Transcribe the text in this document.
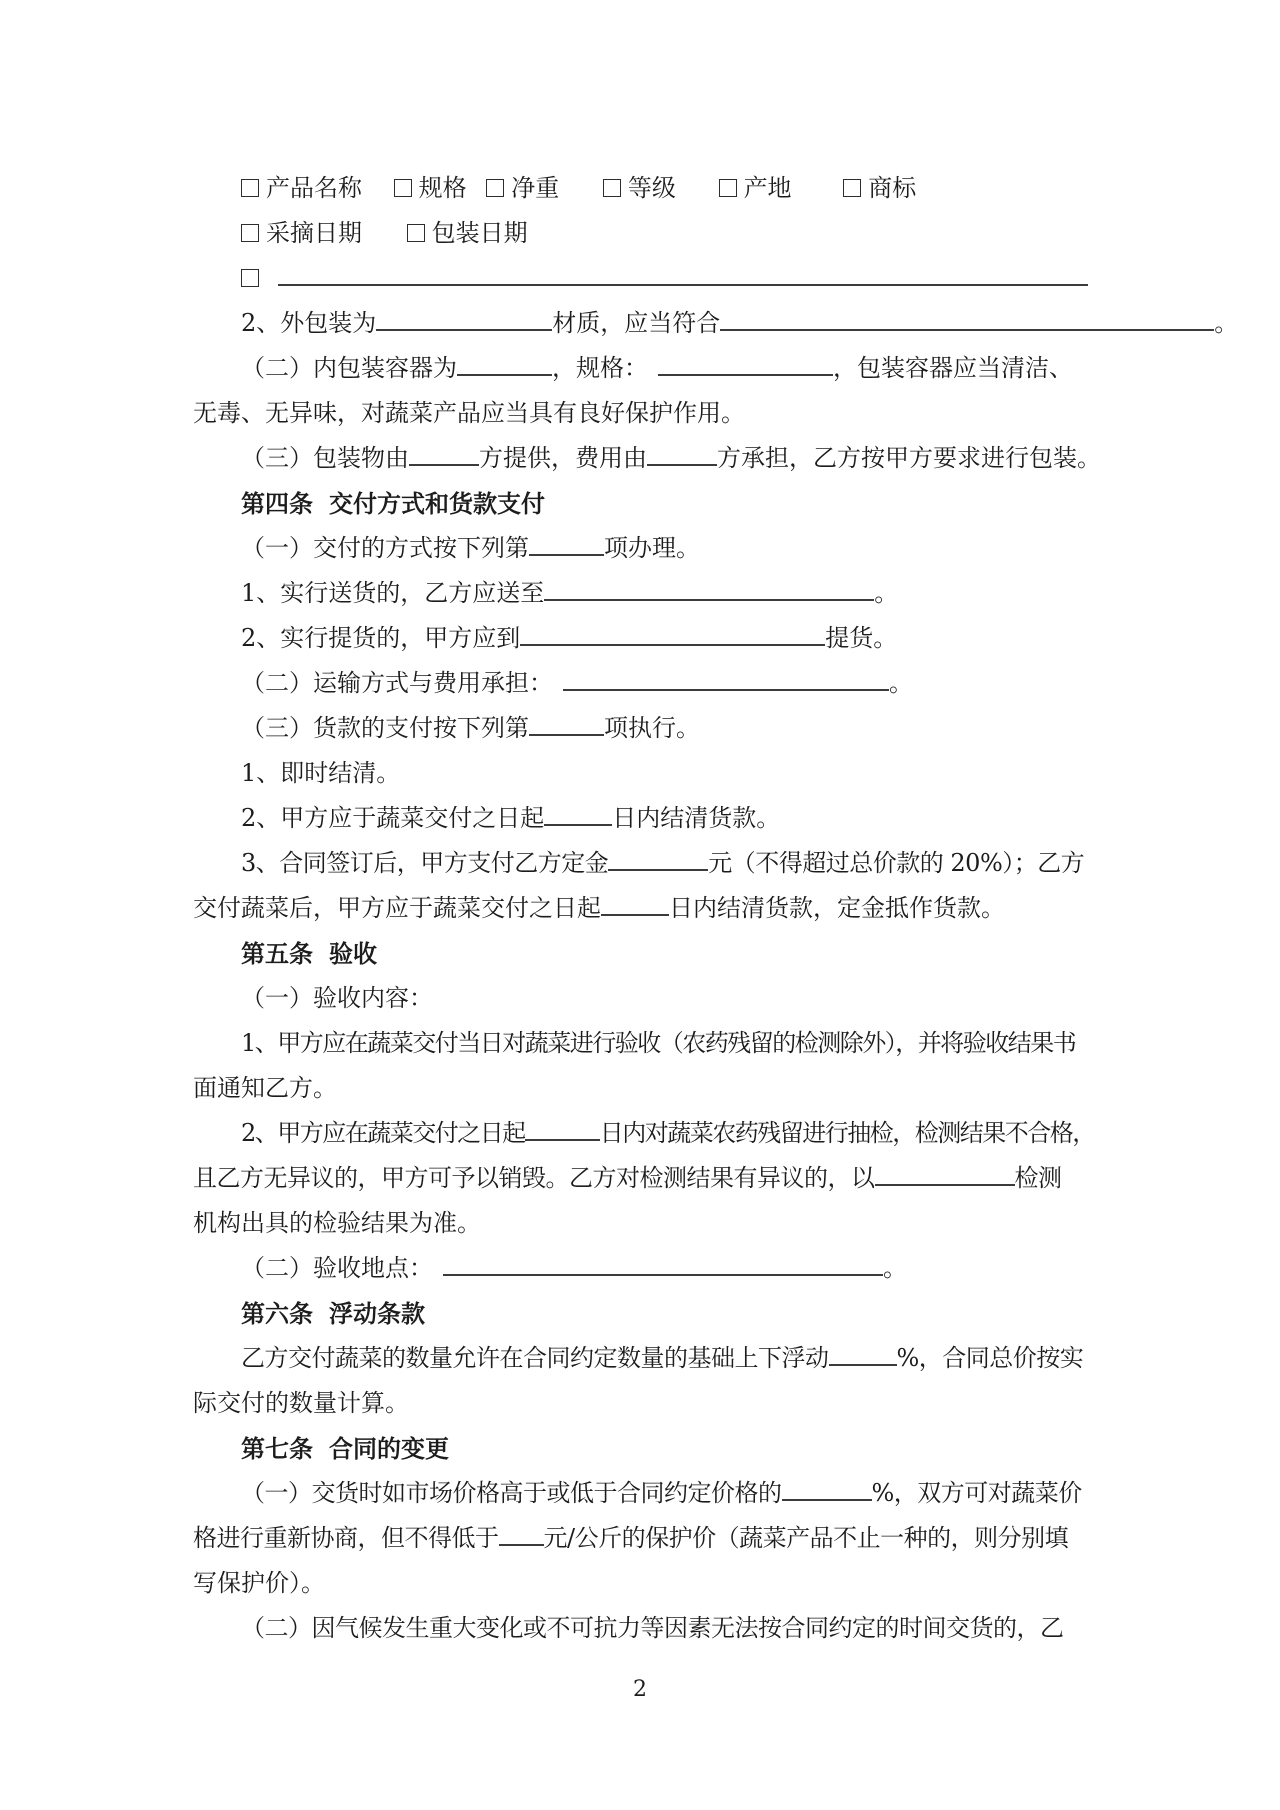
产品名称 规格 净重	等级	产地	商标
采摘日期	包装日期
2、外包装为	材质，应当符合	。
（二）内包装容器为	，规格：	，包装容器应当清洁、
无毒、无异味，对蔬菜产品应当具有良好保护作用。
（三）包装物由	方提供，费用由	方承担，乙方按甲方要求进行包装。
第四条 交付方式和货款支付
（一）交付的方式按下列第	项办理。
1、实行送货的，乙方应送至	。
2、实行提货的，甲方应到	提货。
（二）运输方式与费用承担：	。
（三）货款的支付按下列第	项执行。
1、即时结清。
2、甲方应于蔬菜交付之日起	日内结清货款。
3、合同签订后，甲方支付乙方定金	元（不得超过总价款的 20%）；乙方
交付蔬菜后，甲方应于蔬菜交付之日起	日内结清货款，定金抵作货款。
第五条 验收
（一）验收内容：
1、甲方应在蔬菜交付当日对蔬菜进行验收（农药残留的检测除外），并将验收结果书
面通知乙方。
2、甲方应在蔬菜交付之日起	日内对蔬菜农药残留进行抽检，检测结果不合格，
且乙方无异议的，甲方可予以销毁。乙方对检测结果有异议的，以	检测
机构出具的检验结果为准。
（二）验收地点：	。
第六条 浮动条款
乙方交付蔬菜的数量允许在合同约定数量的基础上下浮动	%，合同总价按实
际交付的数量计算。
第七条 合同的变更
（一）交货时如市场价格高于或低于合同约定价格的	%，双方可对蔬菜价
格进行重新协商，但不得低于 元/公斤的保护价（蔬菜产品不止一种的，则分别填
写保护价）。
（二）因气候发生重大变化或不可抗力等因素无法按合同约定的时间交货的，乙
2
